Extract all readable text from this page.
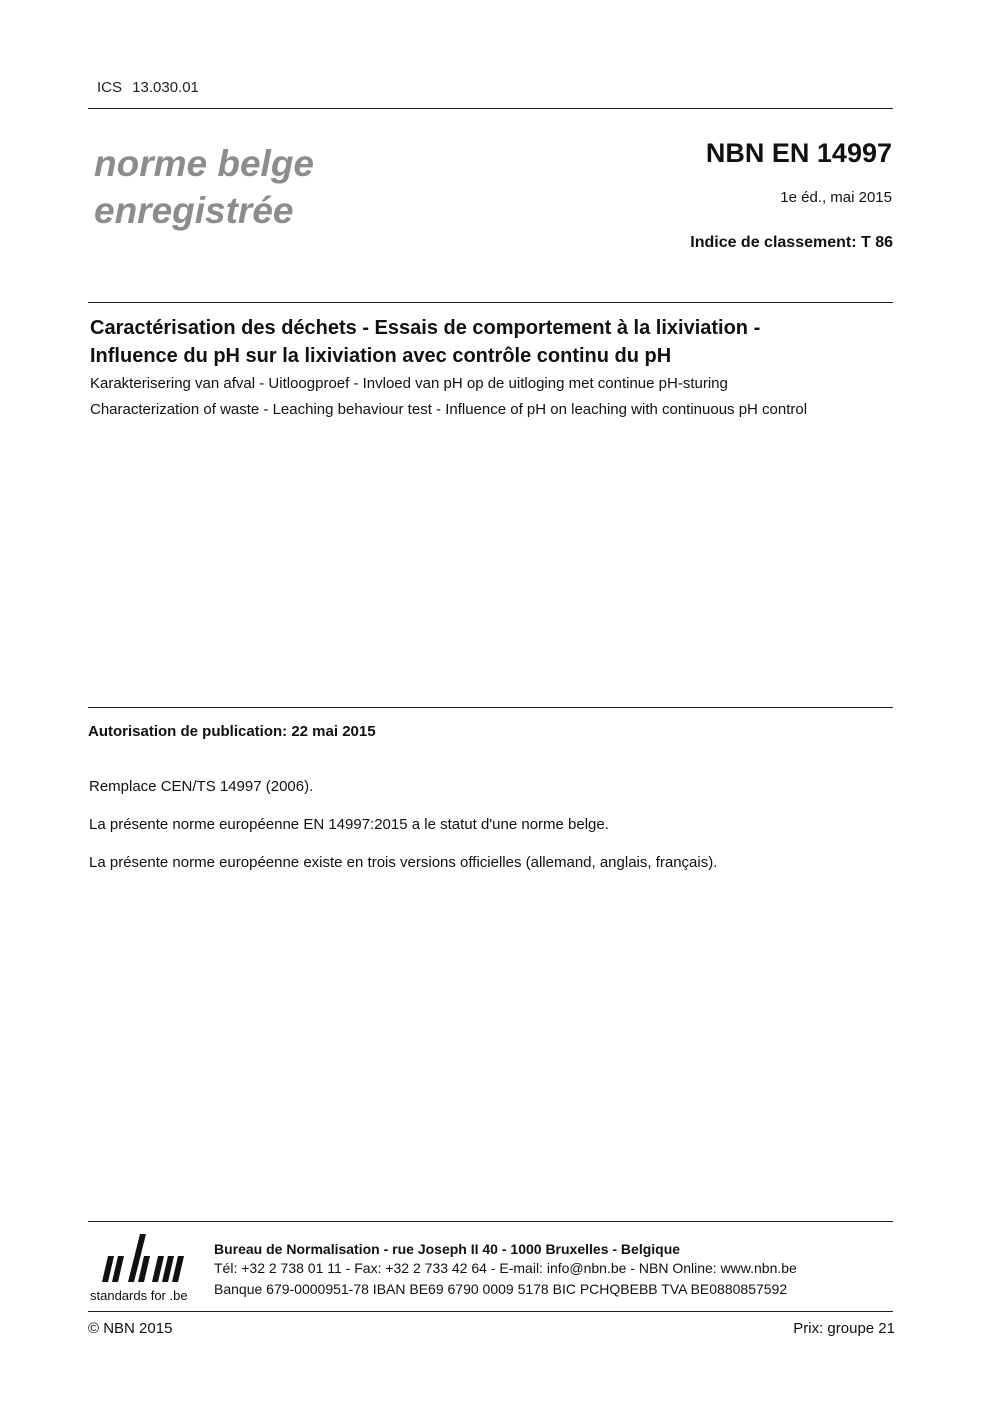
ICS 13.030.01
norme belge
enregistrée
NBN EN 14997
1e éd., mai 2015
Indice de classement: T 86
Caractérisation des déchets - Essais de comportement à la lixiviation -
Influence du pH sur la lixiviation avec contrôle continu du pH
Karakterisering van afval - Uitloogproef - Invloed van pH op de uitloging met continue pH-sturing
Characterization of waste - Leaching behaviour test - Influence of pH on leaching with continuous pH control
Autorisation de publication: 22 mai 2015
Remplace CEN/TS 14997 (2006).
La présente norme européenne EN 14997:2015 a le statut d'une norme belge.
La présente norme européenne existe en trois versions officielles (allemand, anglais, français).
standards for .be
Bureau de Normalisation - rue Joseph II 40 - 1000 Bruxelles - Belgique
Tél: +32 2 738 01 11 - Fax: +32 2 733 42 64 - E-mail: info@nbn.be - NBN Online: www.nbn.be
Banque 679-0000951-78 IBAN BE69 6790 0009 5178 BIC PCHQBEBB TVA BE0880857592
© NBN 2015	Prix: groupe 21
